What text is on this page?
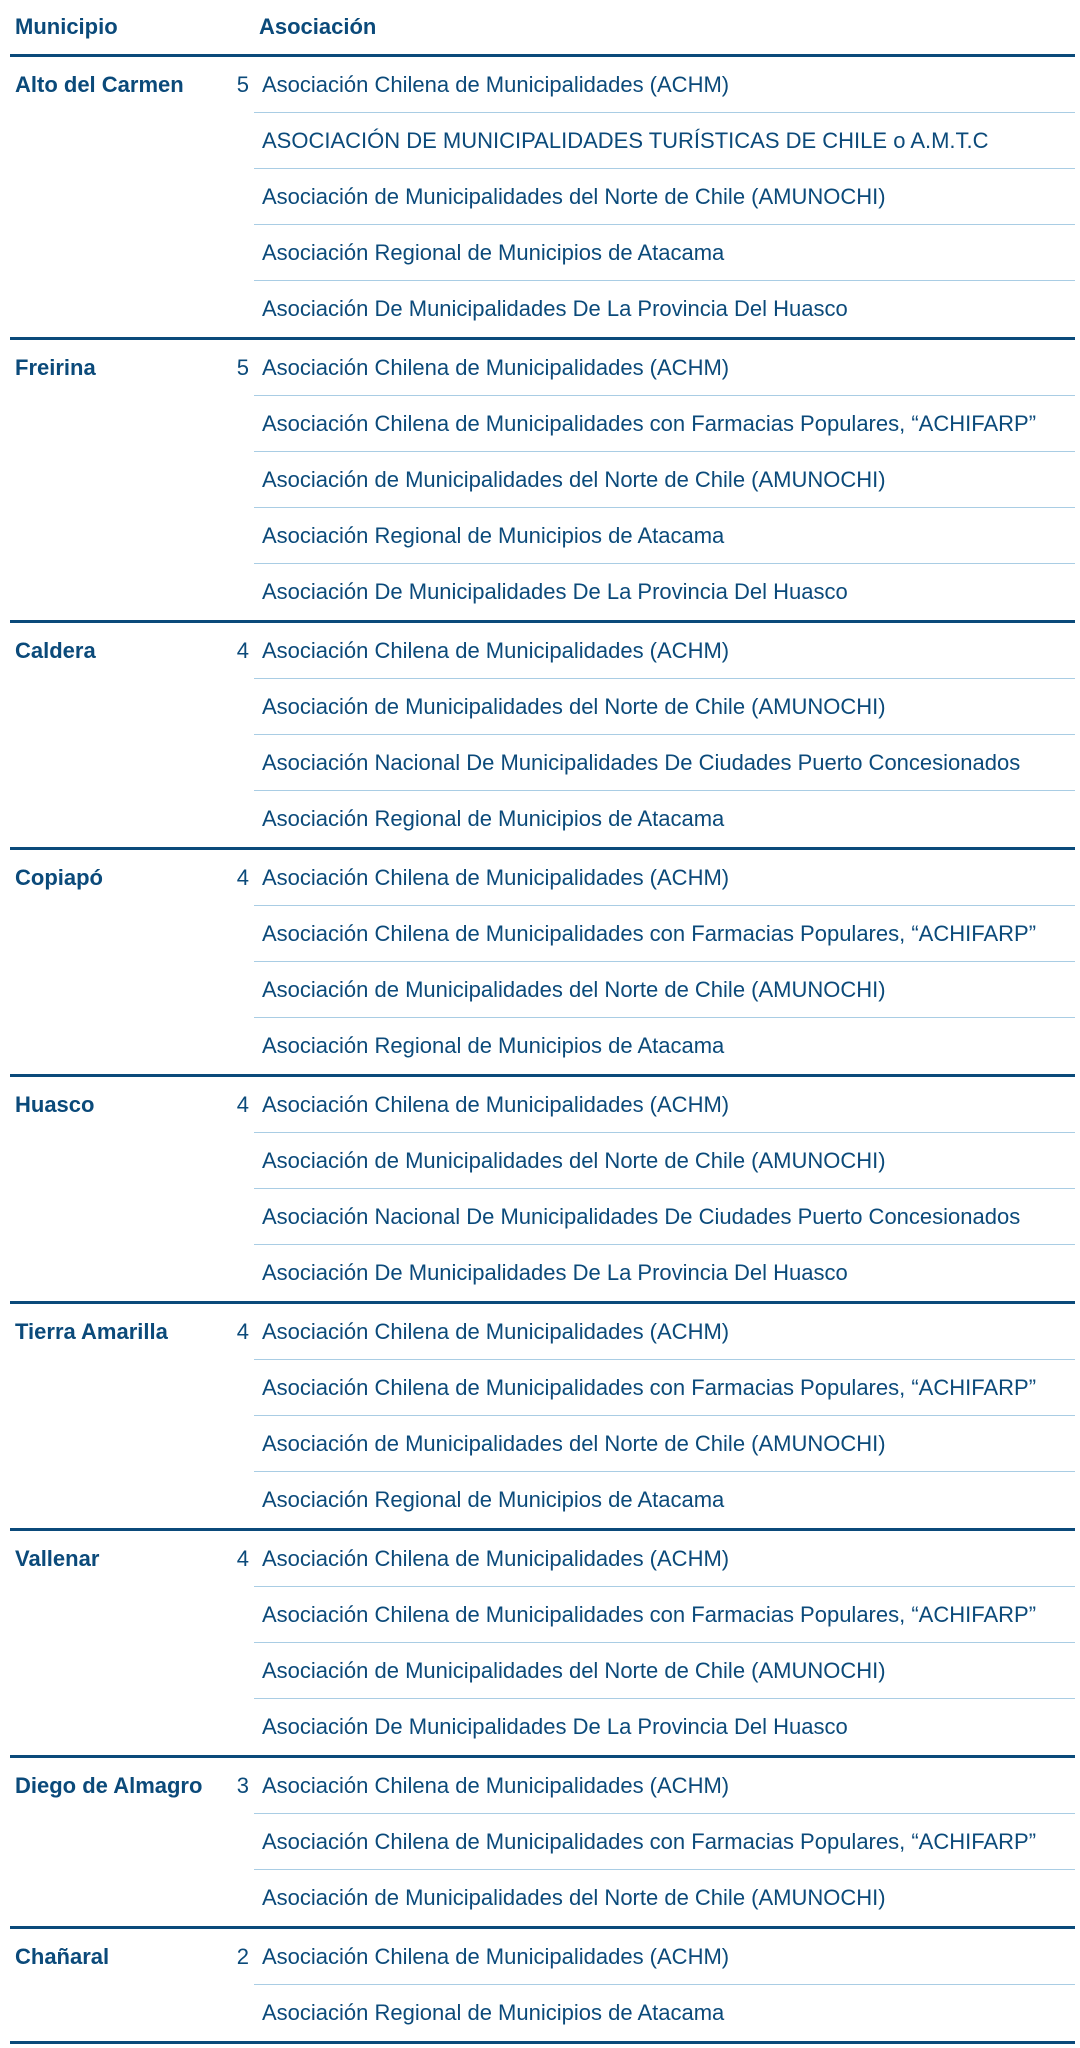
Municipio	Asociación
Alto del Carmen	5 Asociación Chilena de Municipalidades (ACHM)
ASOCIACIÓN DE MUNICIPALIDADES TURÍSTICAS DE CHILE o A.M.T.C
Asociación de Municipalidades del Norte de Chile (AMUNOCHI)
Asociación Regional de Municipios de Atacama
Asociación De Municipalidades De La Provincia Del Huasco
Freirina	5 Asociación Chilena de Municipalidades (ACHM)
Asociación Chilena de Municipalidades con Farmacias Populares, “ACHIFARP”
Asociación de Municipalidades del Norte de Chile (AMUNOCHI)
Asociación Regional de Municipios de Atacama
Asociación De Municipalidades De La Provincia Del Huasco
Caldera	4 Asociación Chilena de Municipalidades (ACHM)
Asociación de Municipalidades del Norte de Chile (AMUNOCHI)
Asociación Nacional De Municipalidades De Ciudades Puerto Concesionados
Asociación Regional de Municipios de Atacama
Copiapó	4 Asociación Chilena de Municipalidades (ACHM)
Asociación Chilena de Municipalidades con Farmacias Populares, “ACHIFARP”
Asociación de Municipalidades del Norte de Chile (AMUNOCHI)
Asociación Regional de Municipios de Atacama
Huasco	4 Asociación Chilena de Municipalidades (ACHM)
Asociación de Municipalidades del Norte de Chile (AMUNOCHI)
Asociación Nacional De Municipalidades De Ciudades Puerto Concesionados
Asociación De Municipalidades De La Provincia Del Huasco
Tierra Amarilla	4 Asociación Chilena de Municipalidades (ACHM)
Asociación Chilena de Municipalidades con Farmacias Populares, “ACHIFARP”
Asociación de Municipalidades del Norte de Chile (AMUNOCHI)
Asociación Regional de Municipios de Atacama
Vallenar	4 Asociación Chilena de Municipalidades (ACHM)
Asociación Chilena de Municipalidades con Farmacias Populares, “ACHIFARP”
Asociación de Municipalidades del Norte de Chile (AMUNOCHI)
Asociación De Municipalidades De La Provincia Del Huasco
Diego de Almagro	3 Asociación Chilena de Municipalidades (ACHM)
Asociación Chilena de Municipalidades con Farmacias Populares, “ACHIFARP”
Asociación de Municipalidades del Norte de Chile (AMUNOCHI)
Chañaral	2 Asociación Chilena de Municipalidades (ACHM)
Asociación Regional de Municipios de Atacama
